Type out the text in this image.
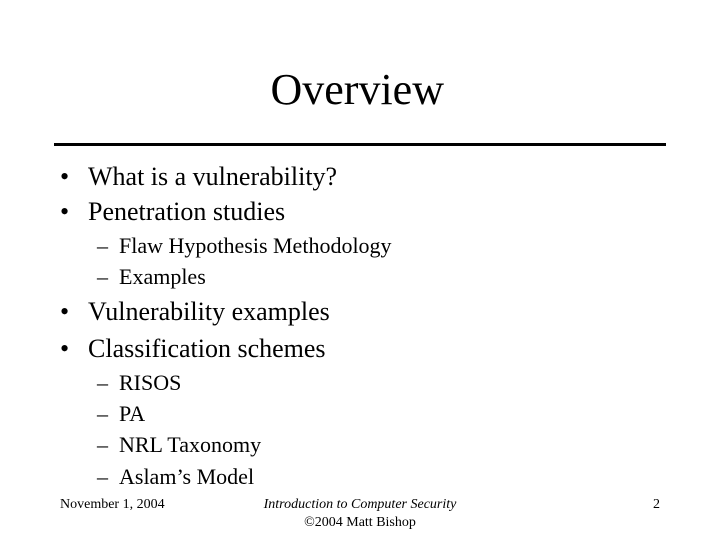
Overview
• What is a vulnerability?
• Penetration studies
– Flaw Hypothesis Methodology
– Examples
• Vulnerability examples
• Classification schemes
– RISOS
– PA
– NRL Taxonomy
– Aslam’s Model
November 1, 2004	Introduction to Computer Security
©2004 Matt Bishop
2
